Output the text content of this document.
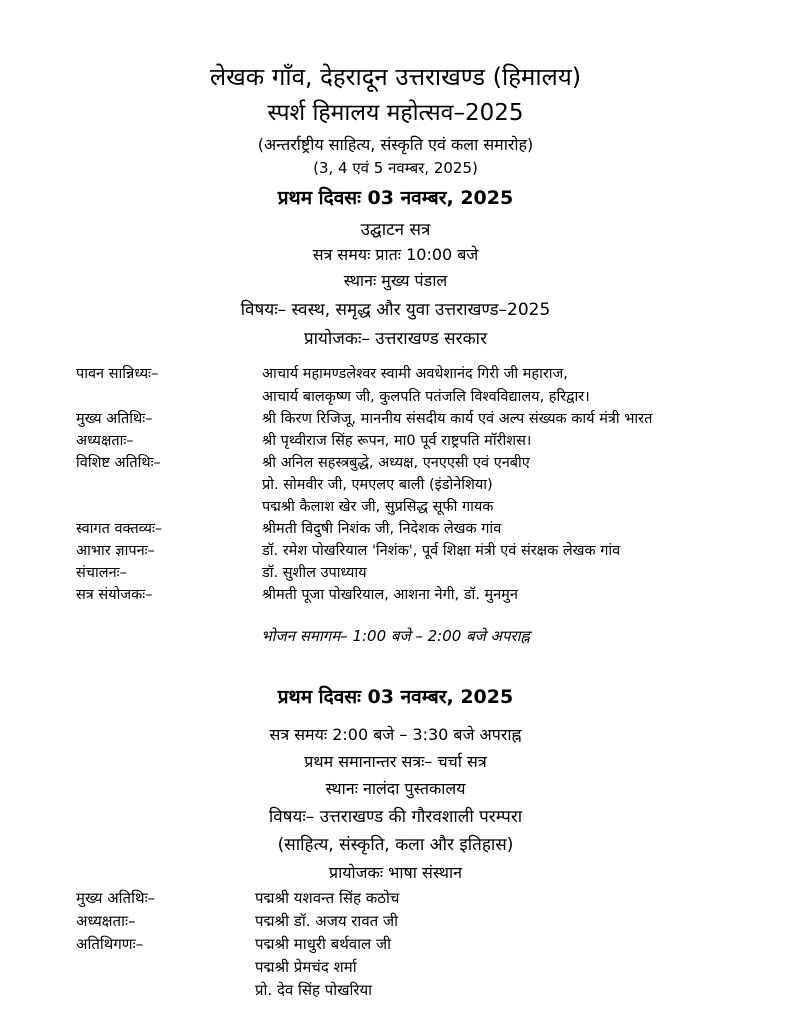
लेखक गाँव, देहरादून उत्तराखण्ड (हिमालय)
स्पर्श हिमालय महोत्सव–2025
(अन्तर्राष्ट्रीय साहित्य, संस्कृति एवं कला समारोह)
(3, 4 एवं 5 नवम्बर, 2025)
प्रथम दिवसः 03 नवम्बर, 2025
उद्घाटन सत्र
सत्र समयः प्रातः 10:00 बजे
स्थानः मुख्य पंडाल
विषयः– स्वस्थ, समृद्ध और युवा उत्तराखण्ड–2025
प्रायोजकः– उत्तराखण्ड सरकार
पावन सान्निध्यः–	आचार्य महामण्डलेश्वर स्वामी अवधेशानंद गिरी जी महाराज,
आचार्य बालकृष्ण जी, कुलपति पतंजलि विश्वविद्यालय, हरिद्वार।
मुख्य अतिथिः–	श्री किरण रिजिजू, माननीय संसदीय कार्य एवं अल्प संख्यक कार्य मंत्री भारत
अध्यक्षताः–	श्री पृथ्वीराज सिंह रूपन, मा0 पूर्व राष्ट्रपति मॉरीशस।
विशिष्ट अतिथिः–	श्री अनिल सहस्त्रबुद्धे, अध्यक्ष, एनएएसी एवं एनबीए
प्रो. सोमवीर जी, एमएलए बाली (इंडोनेशिया)
पद्मश्री कैलाश खेर जी, सुप्रसिद्ध सूफी गायक
स्वागत वक्तव्यः–	श्रीमती विदुषी निशंक जी, निदेशक लेखक गांव
आभार ज्ञापनः–	डॉ. रमेश पोखरियाल 'निशंक', पूर्व शिक्षा मंत्री एवं संरक्षक लेखक गांव
संचालनः–	डॉ. सुशील उपाध्याय
सत्र संयोजकः–	श्रीमती पूजा पोखरियाल, आशना नेगी, डॉ. मुनमुन
भोजन समागम– 1:00 बजे – 2:00 बजे अपराह्न
प्रथम दिवसः 03 नवम्बर, 2025
सत्र समयः 2:00 बजे – 3:30 बजे अपराह्न
प्रथम समानान्तर सत्रः– चर्चा सत्र
स्थानः नालंदा पुस्तकालय
विषयः– उत्तराखण्ड की गौरवशाली परम्परा
(साहित्य, संस्कृति, कला और इतिहास)
प्रायोजकः भाषा संस्थान
मुख्य अतिथिः–	पद्मश्री यशवन्त सिंह कठोच
अध्यक्षताः–	पद्मश्री डॉ. अजय रावत जी
अतिथिगणः–	पद्मश्री माधुरी बर्थवाल जी
पद्मश्री प्रेमचंद शर्मा
प्रो. देव सिंह पोखरिया
